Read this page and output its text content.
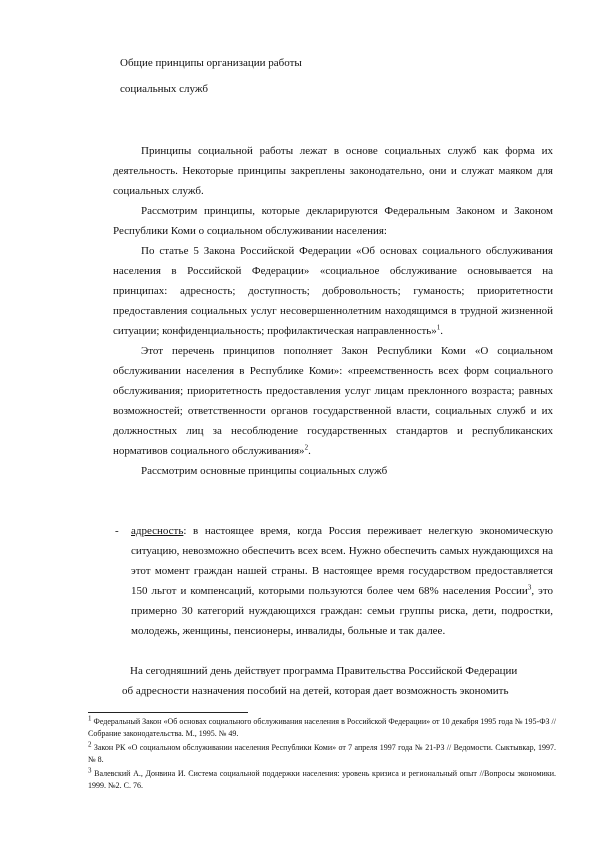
Общие принципы организации работы
социальных служб

Принципы социальной работы лежат в основе социальных служб как форма их деятельность. Некоторые принципы закреплены законодательно, они и служат маяком для социальных служб.

Рассмотрим принципы, которые декларируются Федеральным Законом и Законом Республики Коми о социальном обслуживании населения:

По статье 5 Закона Российской Федерации «Об основах социального обслуживания населения в Российской Федерации» «социальное обслуживание основывается на принципах: адресность; доступность; добровольность; гуманость; приоритетности предоставления социальных услуг несовершеннолетним находящимся в трудной жизненной ситуации; конфиденциальность; профилактическая направленность»$^1$.

Этот перечень принципов пополняет Закон Республики Коми «О социальном обслуживании населения в Республике Коми»: «преемственность всех форм социального обслуживания; приоритетность предоставления услуг лицам преклонного возраста; равных возможностей; ответственности органов государственной власти, социальных служб и их должностных лиц за несоблюдение государственных стандартов и республиканских нормативов социального обслуживания»$^2$.

Рассмотрим основные принципы социальных служб

- адресность: в настоящее время, когда Россия переживает нелегкую экономическую ситуацию, невозможно обеспечить всех всем. Нужно обеспечить самых нуждающихся на этот момент граждан нашей страны. В настоящее время государством предоставляется 150 льгот и компенсаций, которыми пользуются более чем 68% населения России$^3$, это примерно 30 категорий нуждающихся граждан: семьи группы риска, дети, подростки, молодежь, женщины, пенсионеры, инвалиды, больные и так далее.
На сегодняшний день действует программа Правительства Российской Федерации
об адресности назначения пособий на детей, которая дает возможность экономить

$^1$ Федеральный Закон «Об основах социального обслуживания населения в Российской Федерации» от 10 декабря 1995 года № 195-ФЗ //Собрание законодательства. М., 1995. № 49.

$^2$ Закон РК «О социальном обслуживании населения Республики Коми» от 7 апреля 1997 года № 21-РЗ // Ведомости. Сыктывкар, 1997. № 8.

$^3$ Валевский А., Донвина И. Система социальной поддержки населения: уровень кризиса и региональный опыт //Вопросы экономики. 1999. №2. С. 76.
